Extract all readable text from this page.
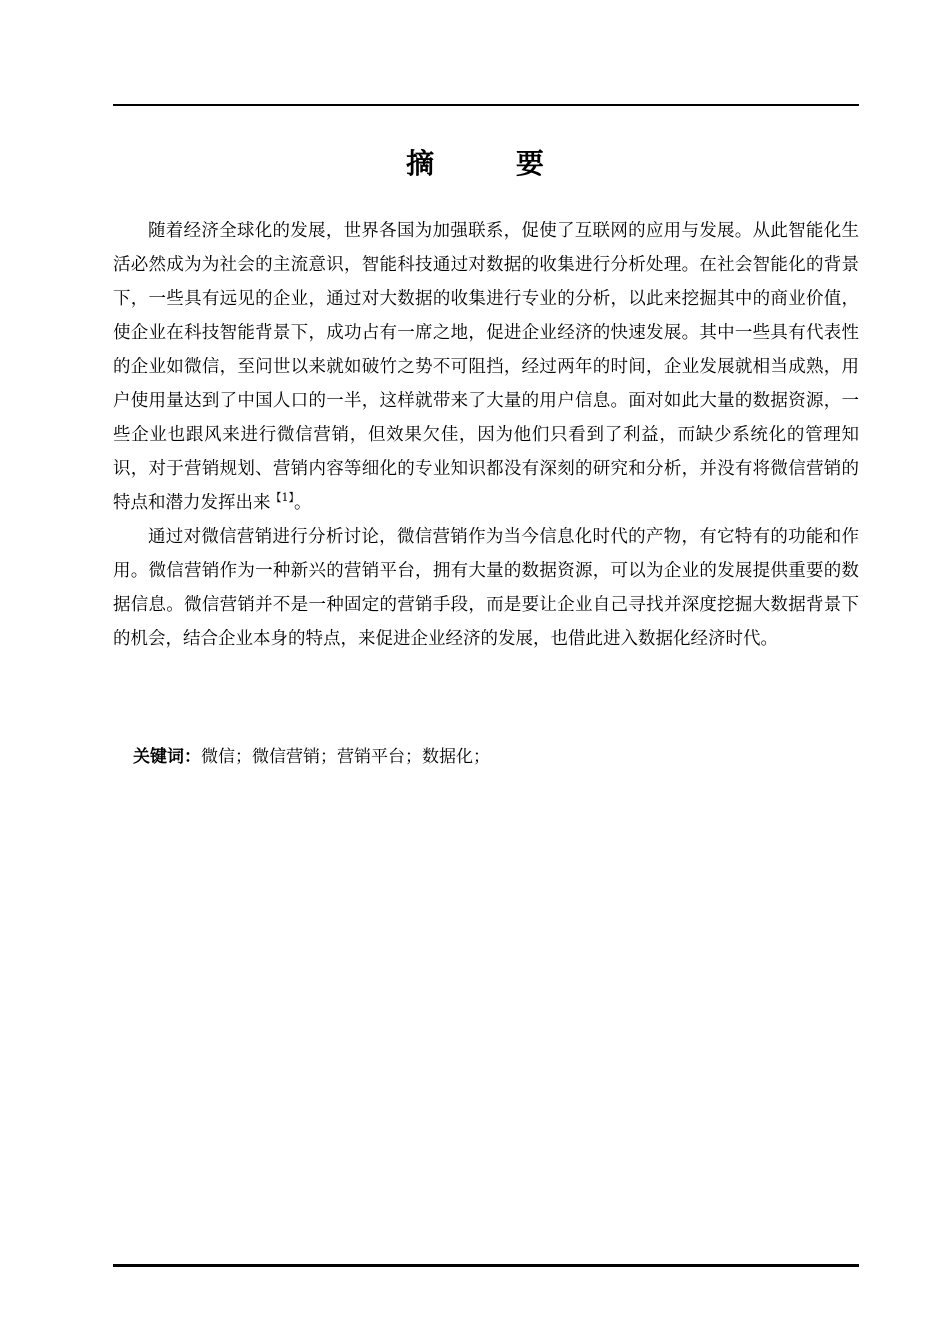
摘 要

随着经济全球化的发展，世界各国为加强联系，促使了互联网的应用与发展。从此智能化生活必然成为为社会的主流意识，智能科技通过对数据的收集进行分析处理。在社会智能化的背景下，一些具有远见的企业，通过对大数据的收集进行专业的分析，以此来挖掘其中的商业价值，使企业在科技智能背景下，成功占有一席之地，促进企业经济的快速发展。其中一些具有代表性的企业如微信，至问世以来就如破竹之势不可阻挡，经过两年的时间，企业发展就相当成熟，用户使用量达到了中国人口的一半，这样就带来了大量的用户信息。面对如此大量的数据资源，一些企业也跟风来进行微信营销，但效果欠佳，因为他们只看到了利益，而缺少系统化的管理知识，对于营销规划、营销内容等细化的专业知识都没有深刻的研究和分析，并没有将微信营销的特点和潜力发挥出来$^{【1】}$。

通过对微信营销进行分析讨论，微信营销作为当今信息化时代的产物，有它特有的功能和作用。微信营销作为一种新兴的营销平台，拥有大量的数据资源，可以为企业的发展提供重要的数据信息。微信营销并不是一种固定的营销手段，而是要让企业自己寻找并深度挖掘大数据背景下的机会，结合企业本身的特点，来促进企业经济的发展，也借此进入数据化经济时代。

关键词：微信；微信营销；营销平台；数据化；
